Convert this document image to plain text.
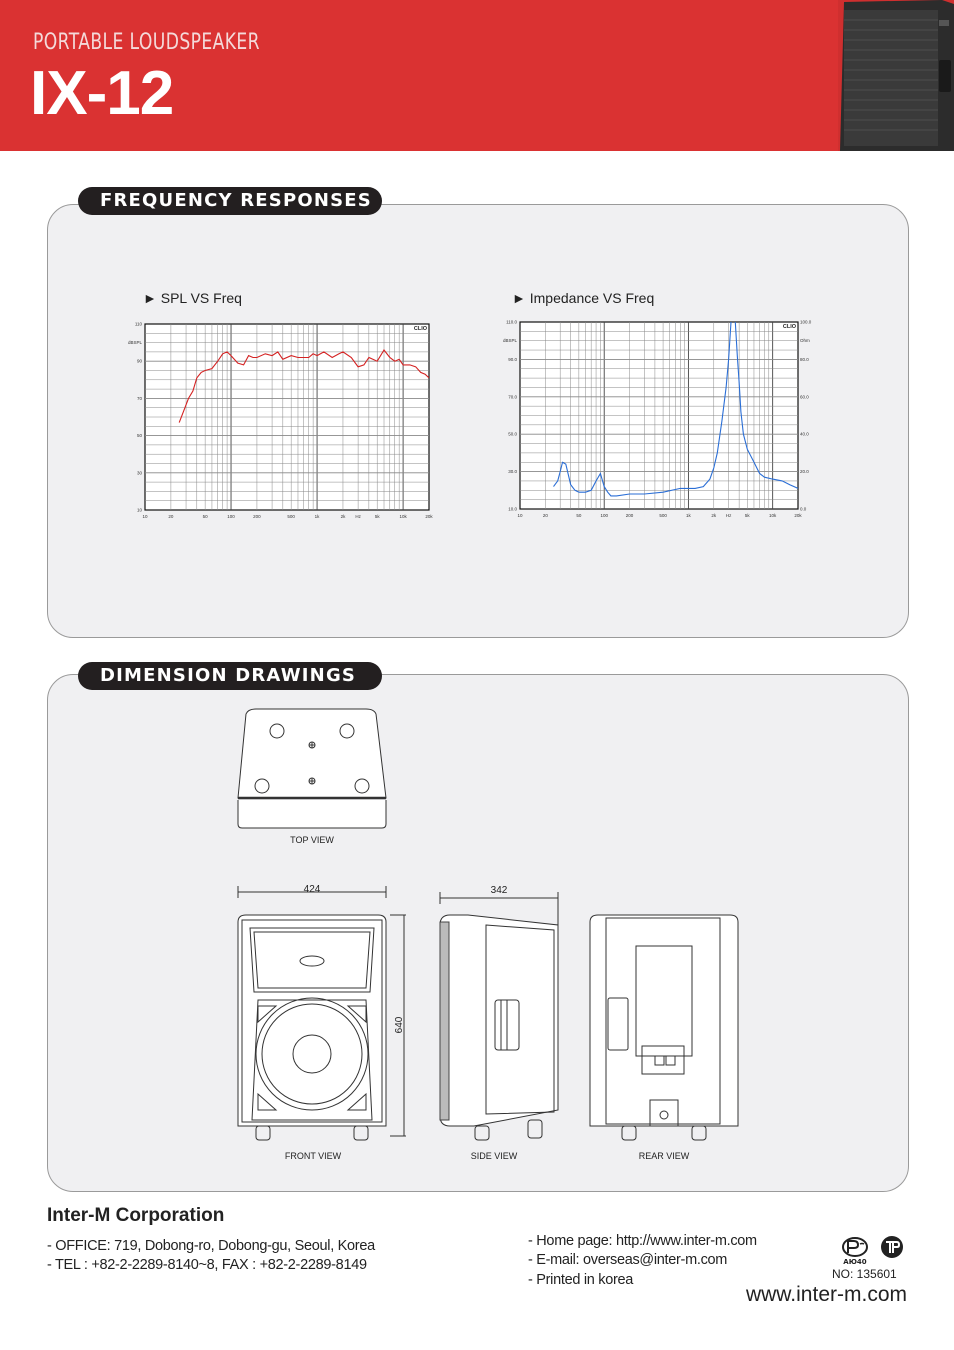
PORTABLE LOUDSPEAKER
IX-12
FREQUENCY RESPONSES
► SPL VS Freq
10	20	50	100	200	500	1k	2k Hz	5k	10k	20k
10
30
50
70
90
110
dBSPL
CLIO
► Impedance VS Freq
10	20	50	100	200	500	1k	2k Hz	5k	10k	20k
10.0
30.0
50.0
70.0
90.0
110.0
0.0
20.0
40.0
60.0
80.0
100.0
dBSPL	Ohm
CLIO
DIMENSION DRAWINGS
TOP VIEW
424
640
FRONT VIEW
342
SIDE VIEW	REAR VIEW
Inter-M Corporation
- OFFICE: 719, Dobong-ro, Dobong-gu, Seoul, Korea
- TEL : +82-2-2289-8140~8, FAX : +82-2-2289-8149
- Home page: http://www.inter-m.com
- E-mail: overseas@inter-m.com
- Printed in korea
AЮ40
NO: 135601
www.inter-m.com
